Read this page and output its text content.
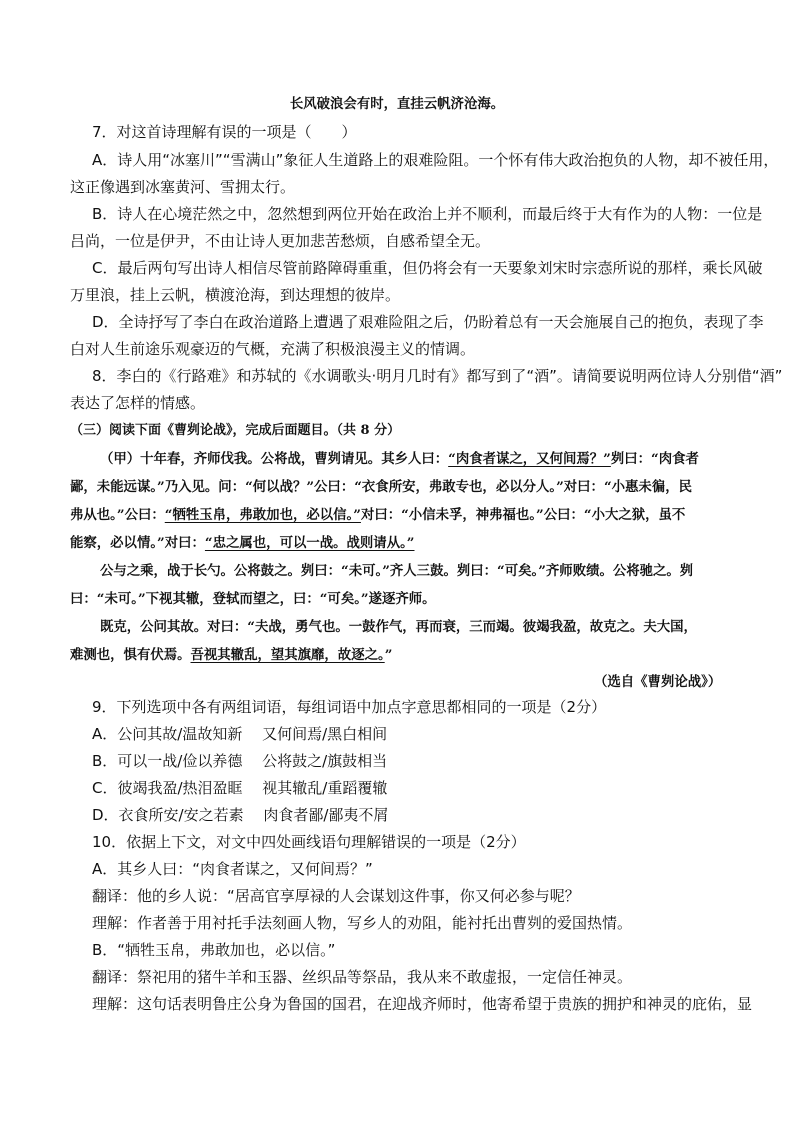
长风破浪会有时，直挂云帆济沧海。
7．对这首诗理解有误的一项是（　　）
A．诗人用“冰塞川”“雪满山”象征人生道路上的艰难险阻。一个怀有伟大政治抱负的人物，却不被任用，
这正像遇到冰塞黄河、雪拥太行。
B．诗人在心境茫然之中，忽然想到两位开始在政治上并不顺利，而最后终于大有作为的人物：一位是
吕尚，一位是伊尹，不由让诗人更加悲苦愁烦，自感希望全无。
C．最后两句写出诗人相信尽管前路障碍重重，但仍将会有一天要象刘宋时宗悫所说的那样，乘长风破
万里浪，挂上云帆，横渡沧海，到达理想的彼岸。
D．全诗抒写了李白在政治道路上遭遇了艰难险阻之后，仍盼着总有一天会施展自己的抱负，表现了李
白对人生前途乐观豪迈的气概，充满了积极浪漫主义的情调。
8．李白的《行路难》和苏轼的《水调歌头·明月几时有》都写到了“酒”。请简要说明两位诗人分别借“酒”
表达了怎样的情感。
（三）阅读下面《曹刿论战》，完成后面题目。（共 8 分）
（甲）十年春，齐师伐我。公将战，曹刿请见。其乡人曰：“肉食者谋之，又何间焉？”刿曰：“肉食者
鄙，未能远谋。”乃入见。问：“何以战？”公曰：“衣食所安，弗敢专也，必以分人。”对曰：“小惠未徧，民
弗从也。”公曰：“牺牲玉帛，弗敢加也，必以信。”对曰：“小信未孚，神弗福也。”公曰：“小大之狱，虽不
能察，必以情。”对曰：“忠之属也，可以一战。战则请从。”
公与之乘，战于长勺。公将鼓之。刿曰：“未可。”齐人三鼓。刿曰：“可矣。”齐师败绩。公将驰之。刿
曰：“未可。”下视其辙，登轼而望之，曰：“可矣。”遂逐齐师。
既克，公问其故。对曰：“夫战，勇气也。一鼓作气，再而衰，三而竭。彼竭我盈，故克之。夫大国，
难测也，惧有伏焉。吾视其辙乱，望其旗靡，故逐之。”
（选自《曹刿论战》）
9．下列选项中各有两组词语，每组词语中加点字意思都相同的一项是（2分）
A．公问其故/温故知新　 又何间焉/黑白相间
B．可以一战/俭以养德　 公将鼓之/旗鼓相当
C．彼竭我盈/热泪盈眶　 视其辙乱/重蹈覆辙
D．衣食所安/安之若素　 肉食者鄙/鄙夷不屑
10．依据上下文，对文中四处画线语句理解错误的一项是（2分）
A．其乡人曰：“肉食者谋之，又何间焉？”
翻译：他的乡人说：“居高官享厚禄的人会谋划这件事，你又何必参与呢？
理解：作者善于用衬托手法刻画人物，写乡人的劝阻，能衬托出曹刿的爱国热情。
B．“牺牲玉帛，弗敢加也，必以信。”
翻译：祭祀用的猪牛羊和玉器、丝织品等祭品，我从来不敢虚报，一定信任神灵。
理解：这句话表明鲁庄公身为鲁国的国君，在迎战齐师时，他寄希望于贵族的拥护和神灵的庇佑，显
